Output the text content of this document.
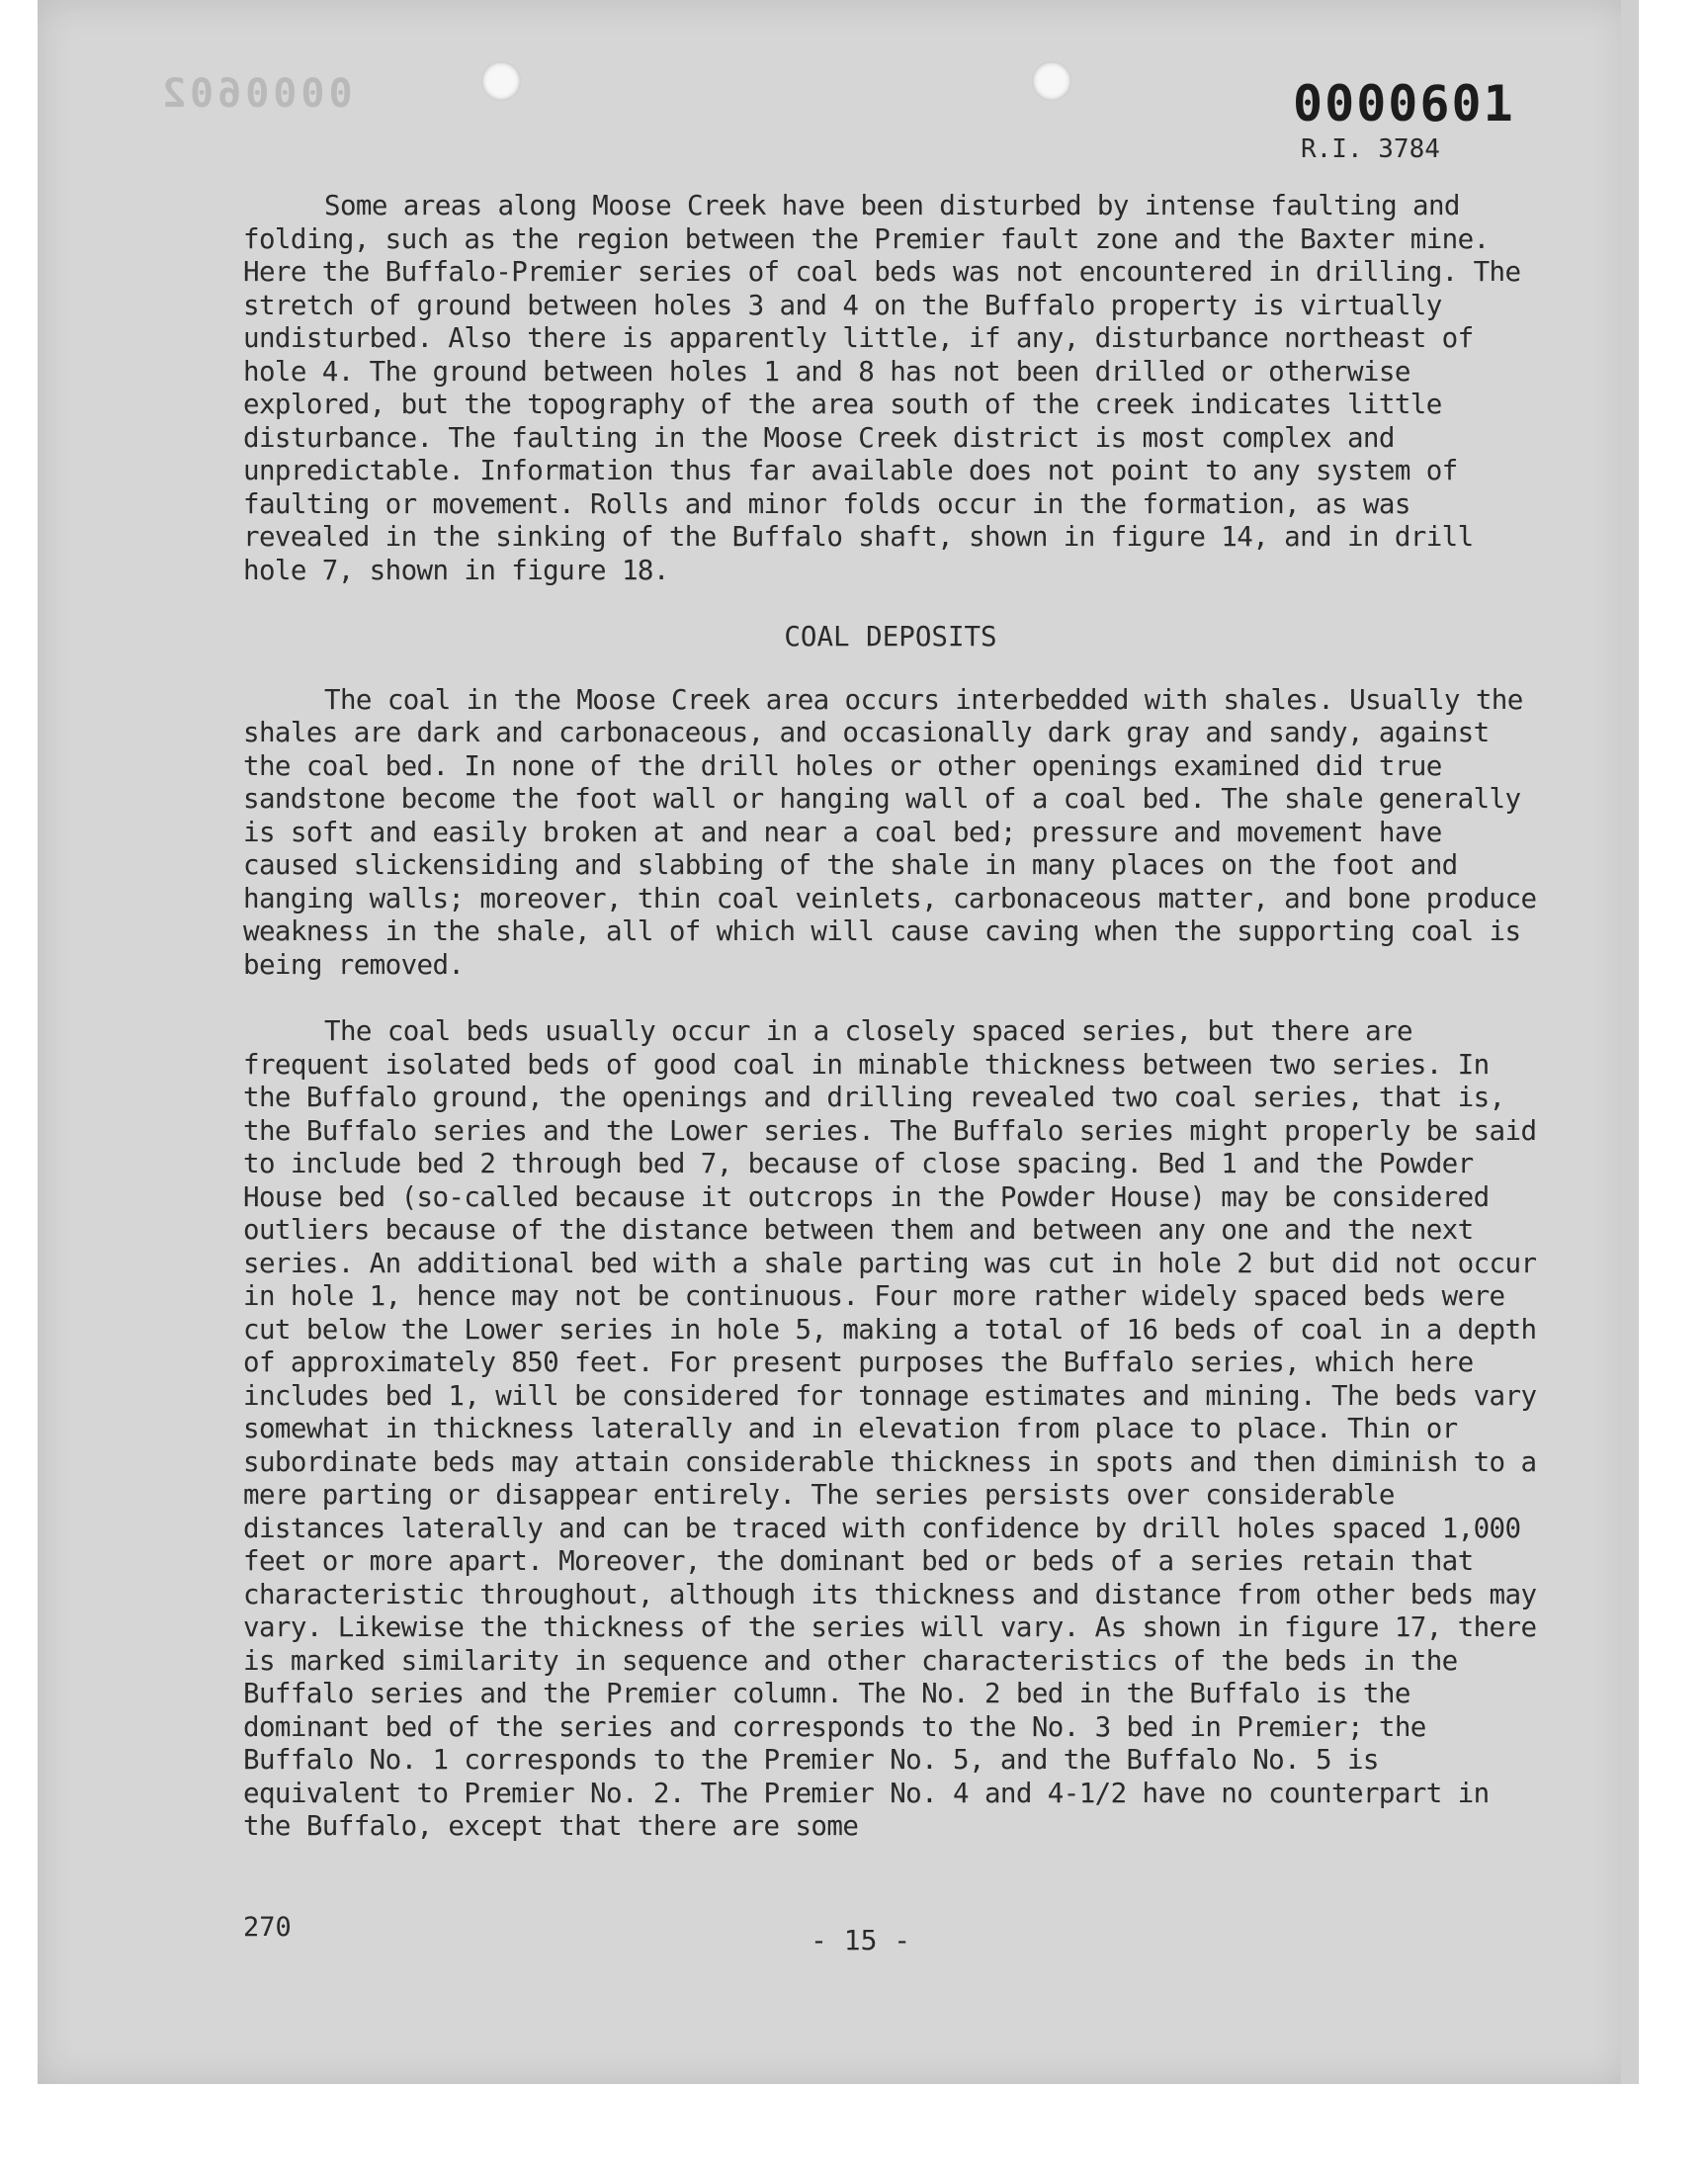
0000602	0000601
R.I. 3784

Some areas along Moose Creek have been disturbed by intense faulting and folding, such as the region between the Premier fault zone and the Baxter mine. Here the Buffalo-Premier series of coal beds was not encountered in drilling. The stretch of ground between holes 3 and 4 on the Buffalo property is virtually undisturbed. Also there is apparently little, if any, disturbance northeast of hole 4. The ground between holes 1 and 8 has not been drilled or otherwise explored, but the topography of the area south of the creek indicates little disturbance. The faulting in the Moose Creek district is most complex and unpredictable. Information thus far available does not point to any system of faulting or movement. Rolls and minor folds occur in the formation, as was revealed in the sinking of the Buffalo shaft, shown in figure 14, and in drill hole 7, shown in figure 18.

COAL DEPOSITS

The coal in the Moose Creek area occurs interbedded with shales. Usually the shales are dark and carbonaceous, and occasionally dark gray and sandy, against the coal bed. In none of the drill holes or other openings examined did true sandstone become the foot wall or hanging wall of a coal bed. The shale generally is soft and easily broken at and near a coal bed; pressure and movement have caused slickensiding and slabbing of the shale in many places on the foot and hanging walls; moreover, thin coal veinlets, carbonaceous matter, and bone produce weakness in the shale, all of which will cause caving when the supporting coal is being removed.

The coal beds usually occur in a closely spaced series, but there are frequent isolated beds of good coal in minable thickness between two series. In the Buffalo ground, the openings and drilling revealed two coal series, that is, the Buffalo series and the Lower series. The Buffalo series might properly be said to include bed 2 through bed 7, because of close spacing. Bed 1 and the Powder House bed (so-called because it outcrops in the Powder House) may be considered outliers because of the distance between them and between any one and the next series. An additional bed with a shale parting was cut in hole 2 but did not occur in hole 1, hence may not be continuous. Four more rather widely spaced beds were cut below the Lower series in hole 5, making a total of 16 beds of coal in a depth of approximately 850 feet. For present purposes the Buffalo series, which here includes bed 1, will be considered for tonnage estimates and mining. The beds vary somewhat in thickness laterally and in elevation from place to place. Thin or subordinate beds may attain considerable thickness in spots and then diminish to a mere parting or disappear entirely. The series persists over considerable distances laterally and can be traced with confidence by drill holes spaced 1,000 feet or more apart. Moreover, the dominant bed or beds of a series retain that characteristic throughout, although its thickness and distance from other beds may vary. Likewise the thickness of the series will vary. As shown in figure 17, there is marked similarity in sequence and other characteristics of the beds in the Buffalo series and the Premier column. The No. 2 bed in the Buffalo is the dominant bed of the series and corresponds to the No. 3 bed in Premier; the Buffalo No. 1 corresponds to the Premier No. 5, and the Buffalo No. 5 is equivalent to Premier No. 2. The Premier No. 4 and 4-1/2 have no counterpart in the Buffalo, except that there are some

270	- 15 -
